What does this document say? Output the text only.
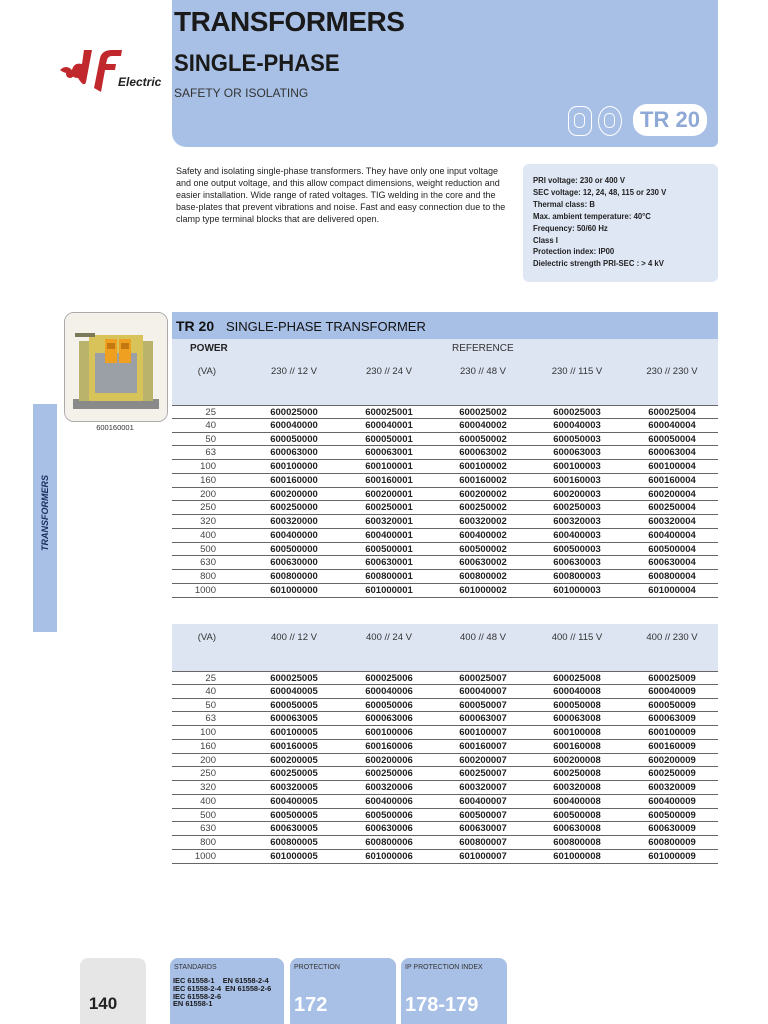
TRANSFORMERS
SINGLE-PHASE
SAFETY OR ISOLATING
TR 20
Electric
Safety and isolating single-phase transformers. They have only one input voltage and one output voltage, and this allow compact dimensions, weight reduction and easier installation. Wide range of rated voltages. TIG welding in the core and the base-plates that prevent vibrations and noise. Fast and easy connection due to the clamp type terminal blocks that are delivered open.
PRI voltage: 230 or 400 V
SEC voltage: 12, 24, 48, 115 or 230 V
Thermal class: B
Max. ambient temperature: 40°C
Frequency: 50/60 Hz
Class I
Protection index: IP00
Dielectric strength PRI-SEC : > 4 kV
TRANSFORMERS
600160001
TR 20 SINGLE-PHASE TRANSFORMER
POWER	REFERENCE
(VA)	230 // 12 V	230 // 24 V	230 // 48 V	230 // 115 V	230 // 230 V
25	600025000	600025001	600025002	600025003	600025004
40	600040000	600040001	600040002	600040003	600040004
50	600050000	600050001	600050002	600050003	600050004
63	600063000	600063001	600063002	600063003	600063004
100	600100000	600100001	600100002	600100003	600100004
160	600160000	600160001	600160002	600160003	600160004
200	600200000	600200001	600200002	600200003	600200004
250	600250000	600250001	600250002	600250003	600250004
320	600320000	600320001	600320002	600320003	600320004
400	600400000	600400001	600400002	600400003	600400004
500	600500000	600500001	600500002	600500003	600500004
630	600630000	600630001	600630002	600630003	600630004
800	600800000	600800001	600800002	600800003	600800004
1000	601000000	601000001	601000002	601000003	601000004
(VA)	400 // 12 V	400 // 24 V	400 // 48 V	400 // 115 V	400 // 230 V
25	600025005	600025006	600025007	600025008	600025009
40	600040005	600040006	600040007	600040008	600040009
50	600050005	600050006	600050007	600050008	600050009
63	600063005	600063006	600063007	600063008	600063009
100	600100005	600100006	600100007	600100008	600100009
160	600160005	600160006	600160007	600160008	600160009
200	600200005	600200006	600200007	600200008	600200009
250	600250005	600250006	600250007	600250008	600250009
320	600320005	600320006	600320007	600320008	600320009
400	600400005	600400006	600400007	600400008	600400009
500	600500005	600500006	600500007	600500008	600500009
630	600630005	600630006	600630007	600630008	600630009
800	600800005	600800006	600800007	600800008	600800009
1000	601000005	601000006	601000007	601000008	601000009
140
STANDARDS
IEC 61558-1    EN 61558-2-4
IEC 61558-2-4  EN 61558-2-6
IEC 61558-2-6
EN 61558-1
PROTECTION
172
IP PROTECTION INDEX
178-179
